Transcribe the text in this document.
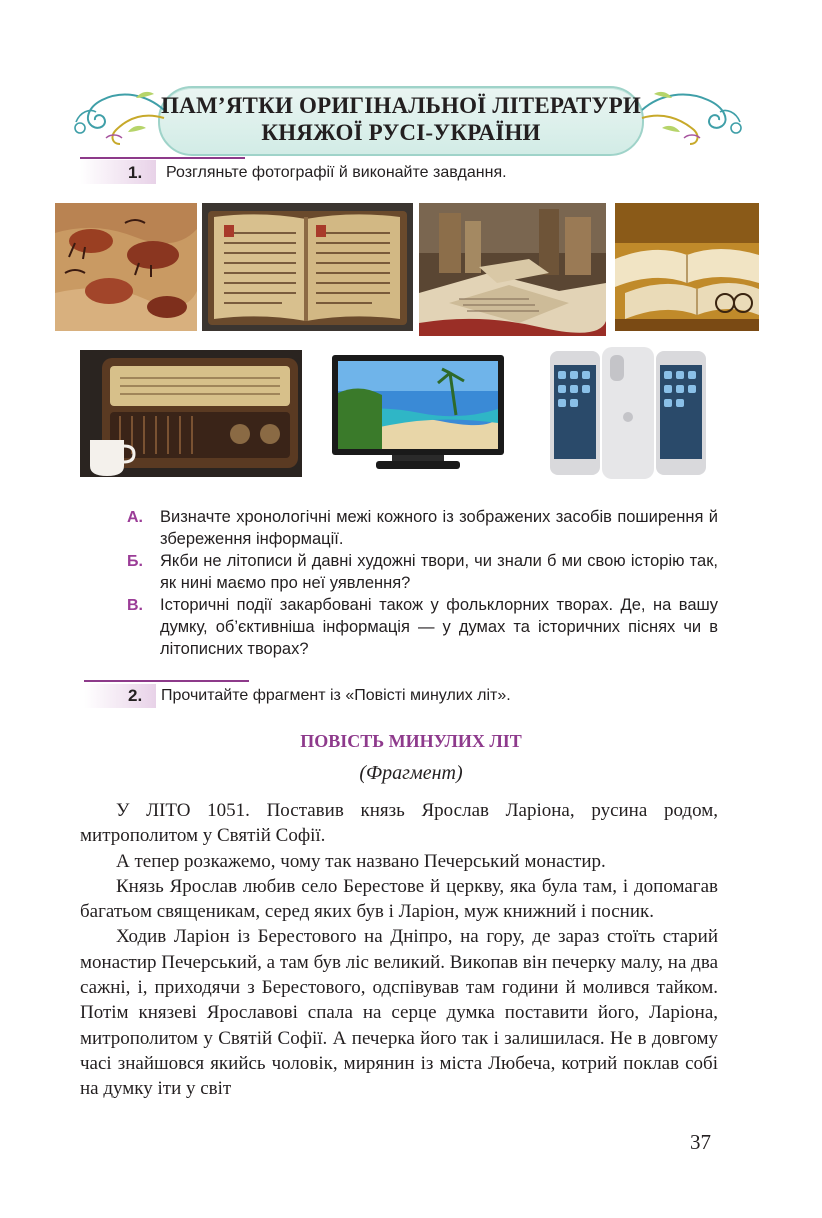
ПАМ’ЯТКИ ОРИГІНАЛЬНОЇ ЛІТЕРАТУРИ
КНЯЖОЇ РУСІ-УКРАЇНИ
1. Розгляньте фотографії й виконайте завдання.
А. Визначте хронологічні межі кожного із зображених засобів поширення й збереження інформації.
Б. Якби не літописи й давні художні твори, чи знали б ми свою історію так, як нині маємо про неї уявлення?
В. Історичні події закарбовані також у фольклорних творах. Де, на вашу думку, об’єктивніша інформація — у думах та історичних піснях чи в літописних творах?
2. Прочитайте фрагмент із «Повісті минулих літ».
ПОВІСТЬ МИНУЛИХ ЛІТ
(Фрагмент)

У ЛІТО 1051. Поставив князь Ярослав Ларіона, русина родом, митрополитом у Святій Софії.

А тепер розкажемо, чому так названо Печерський монастир.

Князь Ярослав любив село Берестове й церкву, яка була там, і допомагав багатьом священикам, серед яких був і Ларіон, муж книжний і посник.

Ходив Ларіон із Берестового на Дніпро, на гору, де зараз стоїть старий монастир Печерський, а там був ліс великий. Викопав він печерку малу, на два сажні, і, приходячи з Берестового, одспівував там години й молився тайком. Потім князеві Ярославові спала на серце думка поставити його, Ларіона, митрополитом у Святій Софії. А печерка його так і залишилася. Не в довгому часі знайшовся якийсь чоловік, мирянин із міста Любеча, котрий поклав собі на думку іти у світ

37
